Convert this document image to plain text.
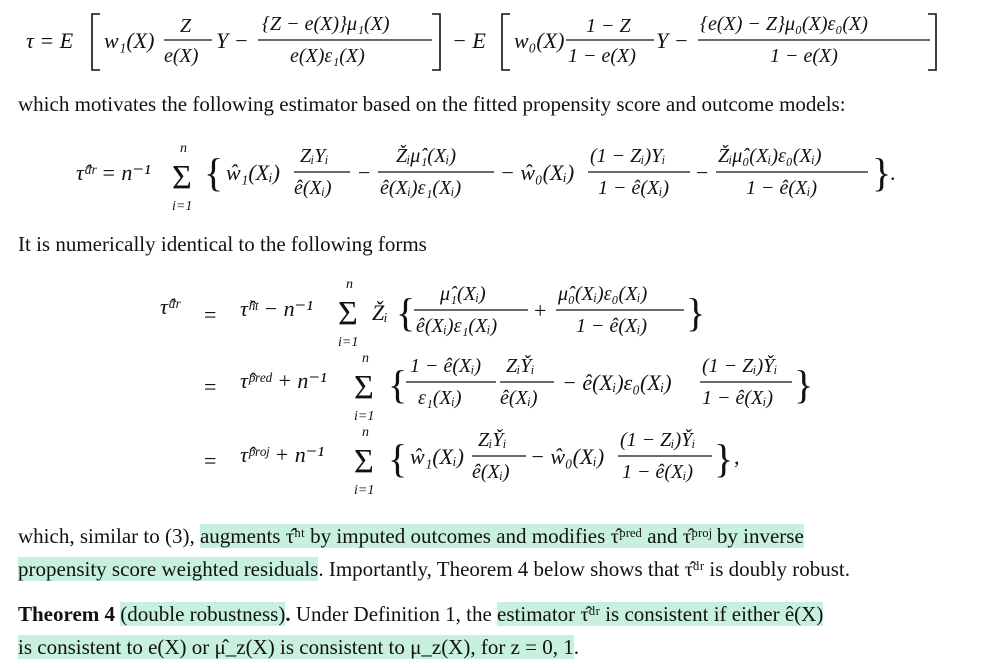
τ = E w₁(X)
Z
e(X)
Y −
{Z − e(X)}μ₁(X)
e(X)ε₁(X)
− E w₀(X)
1 − Z
1 − e(X)
Y −
{e(X) − Z}μ₀(X)ε₀(X)
1 − e(X)
which motivates the following estimator based on the fitted propensity score and outcome models:
τ̂ᵈʳ = n⁻¹
n
Σ
i=1
{ ŵ₁(Xᵢ)
ZᵢYᵢ
ê(Xᵢ)
−
Žᵢμ̂₁(Xᵢ)
ê(Xᵢ)ε₁(Xᵢ)
− ŵ₀(Xᵢ)
(1 − Zᵢ)Yᵢ
1 − ê(Xᵢ)
−
Žᵢμ̂₀(Xᵢ)ε₀(Xᵢ)
1 − ê(Xᵢ) }
.
It is numerically identical to the following forms
τ̂ᵈʳ = τ̂ʰᵗ − n⁻¹
n
Σ
i=1
Žᵢ { μ̂₁(Xᵢ)
ê(Xᵢ)ε₁(Xᵢ)
+
μ̂₀(Xᵢ)ε₀(Xᵢ)
1 − ê(Xᵢ) }
= τ̂ᵖʳᵉᵈ + n⁻¹
n
Σ
i=1
{ 1 − ê(Xᵢ)
ε₁(Xᵢ)
ZᵢY̌ᵢ
ê(Xᵢ)
− ê(Xᵢ)ε₀(Xᵢ)
(1 − Zᵢ)Y̌ᵢ
1 − ê(Xᵢ) }
= τ̂ᵖʳᵒʲ + n⁻¹
n
Σ
i=1
{ ŵ₁(Xᵢ)
ZᵢY̌ᵢ
ê(Xᵢ)
− ŵ₀(Xᵢ)
(1 − Zᵢ)Y̌ᵢ
1 − ê(Xᵢ) } ,
which, similar to (3), augments τ̂ʰᵗ by imputed outcomes and modifies τ̂ᵖʳᵉᵈ and τ̂ᵖʳᵒʲ by inverse
propensity score weighted residuals. Importantly, Theorem 4 below shows that τ̂ᵈʳ is doubly robust.
Theorem 4 (double robustness). Under Definition 1, the estimator τ̂ᵈʳ is consistent if either ê(X)
is consistent to e(X) or μ̂_z(X) is consistent to μ_z(X), for z = 0, 1.
